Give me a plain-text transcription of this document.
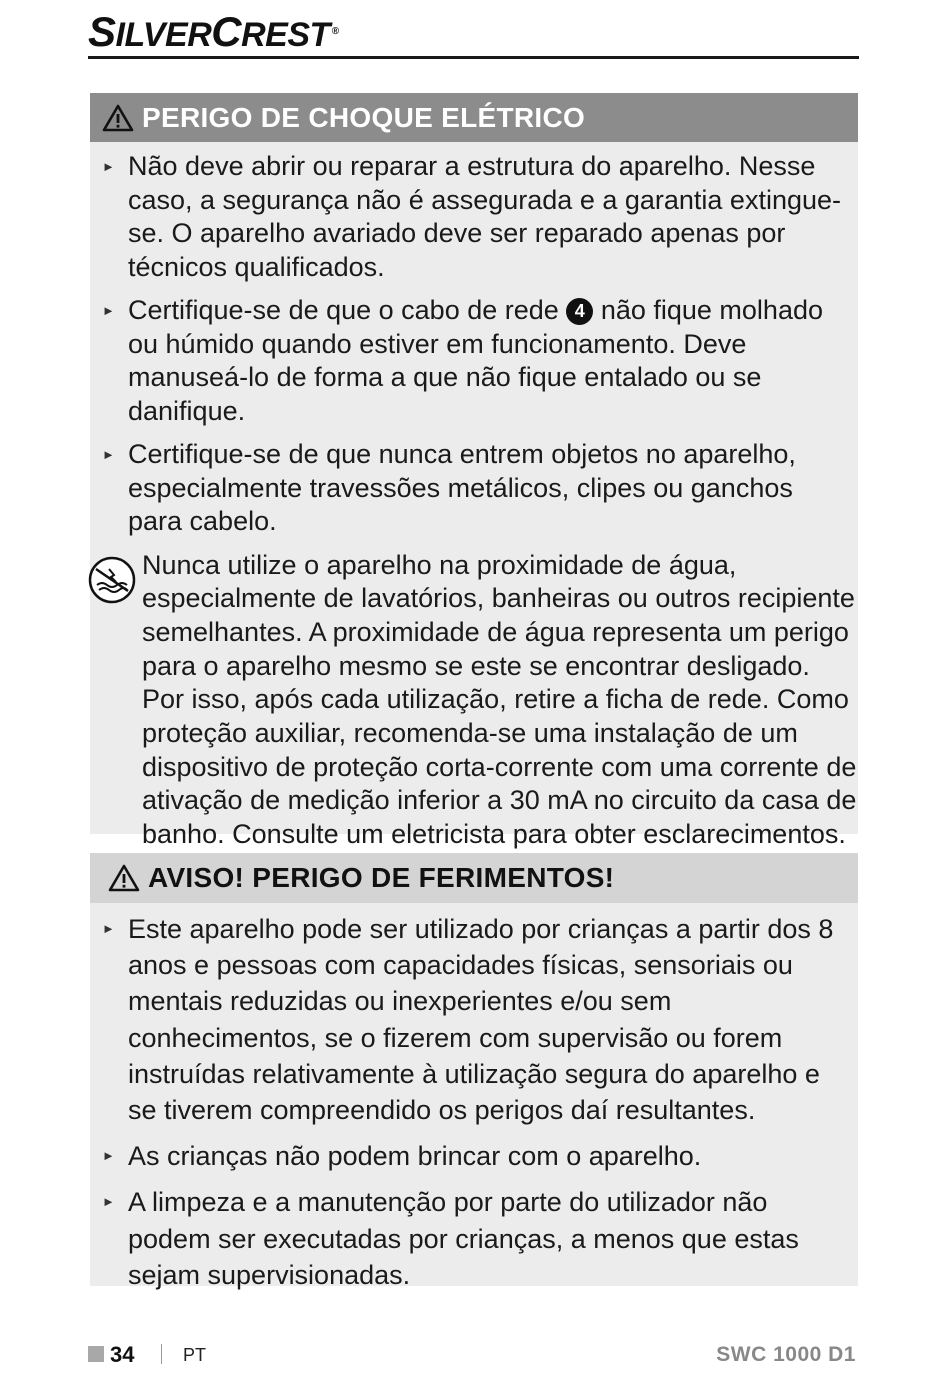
SILVERCREST ®
PERIGO DE CHOQUE ELÉTRICO
► Não deve abrir ou reparar a estrutura do aparelho. Nesse caso, a segurança não é assegurada e a garantia extingue-se. O aparelho avariado deve ser reparado apenas por técnicos qualificados.
► Certifique-se de que o cabo de rede 4 não fique molhado ou húmido quando estiver em funcionamento. Deve manuseá-lo de forma a que não fique entalado ou se danifique.
► Certifique-se de que nunca entrem objetos no aparelho, especialmente travessões metálicos, clipes ou ganchos para cabelo.
Nunca utilize o aparelho na proximidade de água, especialmente de lavatórios, banheiras ou outros recipiente semelhantes. A proximidade de água representa um perigo para o aparelho mesmo se este se encontrar desligado. Por isso, após cada utilização, retire a ficha de rede. Como proteção auxiliar, recomenda-se uma instalação de um dispositivo de proteção corta-corrente com uma corrente de ativação de medição inferior a 30 mA no circuito da casa de banho. Consulte um eletricista para obter esclarecimentos.
AVISO! PERIGO DE FERIMENTOS!
► Este aparelho pode ser utilizado por crianças a partir dos 8 anos e pessoas com capacidades físicas, sensoriais ou mentais reduzidas ou inexperientes e/ou sem conhecimentos, se o fizerem com supervisão ou forem instruídas relativamente à utilização segura do aparelho e se tiverem compreendido os perigos daí resultantes.
► As crianças não podem brincar com o aparelho.
► A limpeza e a manutenção por parte do utilizador não podem ser executadas por crianças, a menos que estas sejam supervisionadas.
34	PT	SWC 1000 D1
